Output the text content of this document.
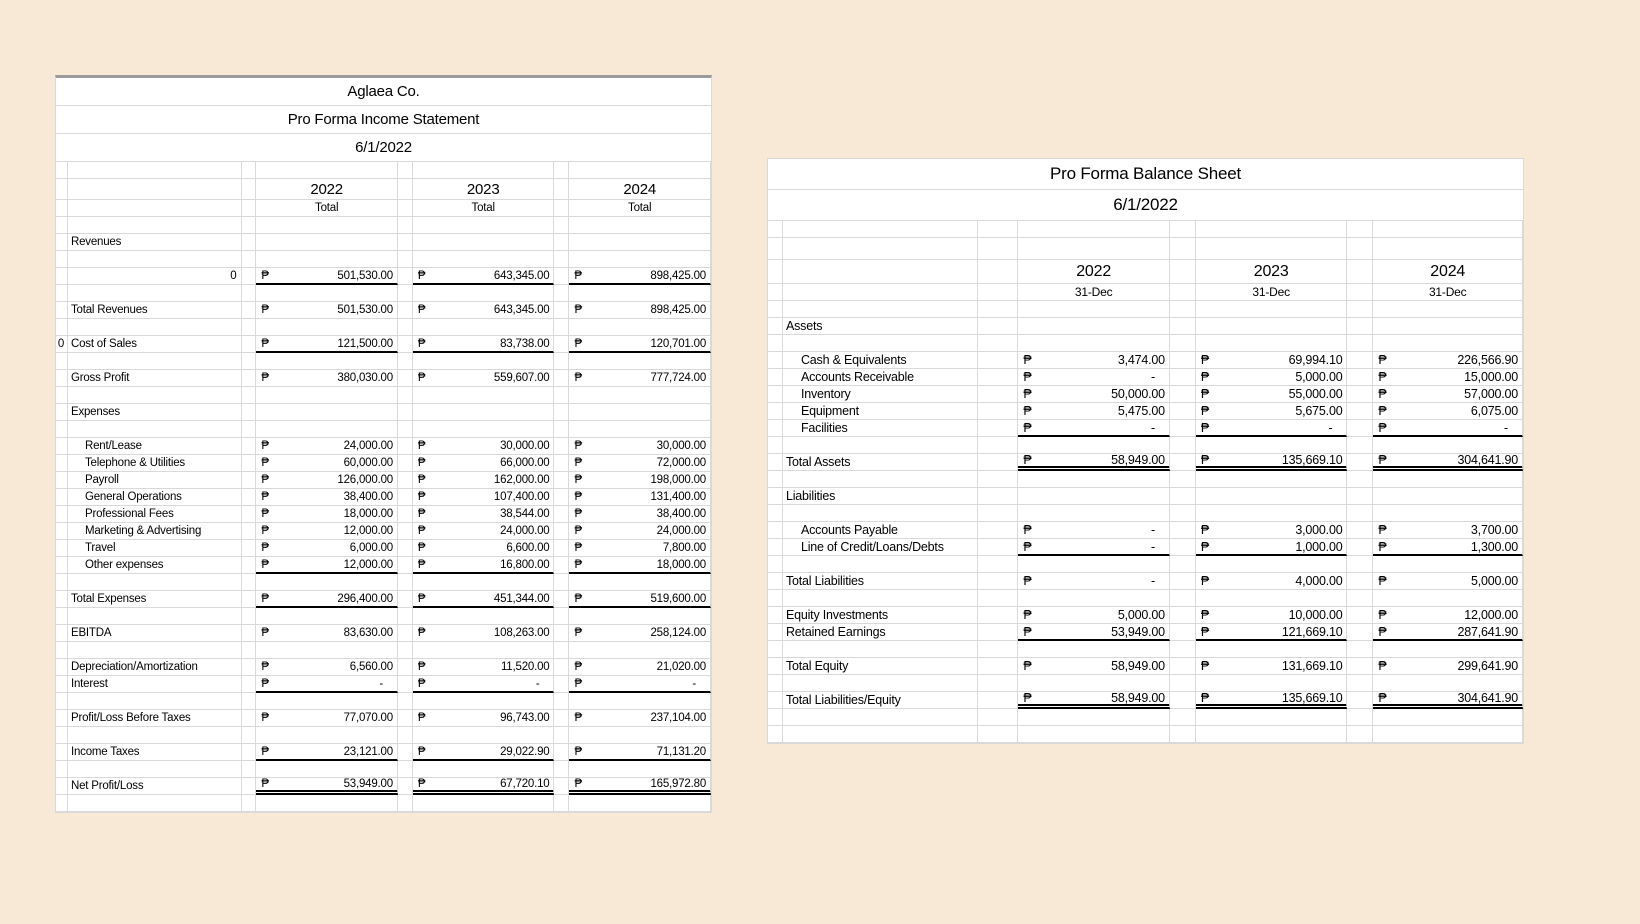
Aglaea Co.
Pro Forma Income Statement
6/1/2022
2022	2023	2024
Total	Total	Total
Revenues
0	₱	501,530.00 ₱	643,345.00 ₱	898,425.00
Total Revenues	₱	501,530.00 ₱	643,345.00 ₱	898,425.00
0 Cost of Sales	₱	121,500.00 ₱	83,738.00 ₱	120,701.00
Gross Profit	₱	380,030.00 ₱	559,607.00 ₱	777,724.00
Expenses
Rent/Lease	₱	24,000.00 ₱	30,000.00 ₱	30,000.00
Telephone & Utilities	₱	60,000.00 ₱	66,000.00 ₱	72,000.00
Payroll	₱	126,000.00 ₱	162,000.00 ₱	198,000.00
General Operations	₱	38,400.00 ₱	107,400.00 ₱	131,400.00
Professional Fees	₱	18,000.00 ₱	38,544.00 ₱	38,400.00
Marketing & Advertising	₱	12,000.00 ₱	24,000.00 ₱	24,000.00
Travel	₱	6,000.00 ₱	6,600.00 ₱	7,800.00
Other expenses	₱	12,000.00 ₱	16,800.00 ₱	18,000.00
Total Expenses	₱	296,400.00 ₱	451,344.00 ₱	519,600.00
EBITDA	₱	83,630.00 ₱	108,263.00 ₱	258,124.00
Depreciation/Amortization	₱	6,560.00 ₱	11,520.00 ₱	21,020.00
Interest	₱	-	₱	-	₱	-
Profit/Loss Before Taxes	₱	77,070.00 ₱	96,743.00 ₱	237,104.00
Income Taxes	₱	23,121.00 ₱	29,022.90 ₱	71,131.20
Net Profit/Loss	₱	53,949.00 ₱	67,720.10 ₱	165,972.80
Pro Forma Balance Sheet
6/1/2022
2022	2023	2024
31-Dec	31-Dec	31-Dec
Assets
Cash & Equivalents	₱	3,474.00	₱	69,994.10	₱	226,566.90
Accounts Receivable	₱	-	₱	5,000.00	₱	15,000.00
Inventory	₱	50,000.00	₱	55,000.00	₱	57,000.00
Equipment	₱	5,475.00	₱	5,675.00	₱	6,075.00
Facilities	₱	-	₱	-	₱	-
Total Assets	₱	58,949.00	₱	135,669.10	₱	304,641.90
Liabilities
Accounts Payable	₱	-	₱	3,000.00	₱	3,700.00
Line of Credit/Loans/Debts	₱	-	₱	1,000.00	₱	1,300.00
Total Liabilities	₱	-	₱	4,000.00	₱	5,000.00
Equity Investments	₱	5,000.00	₱	10,000.00	₱	12,000.00
Retained Earnings	₱	53,949.00	₱	121,669.10	₱	287,641.90
Total Equity	₱	58,949.00	₱	131,669.10	₱	299,641.90
Total Liabilities/Equity	₱	58,949.00	₱	135,669.10	₱	304,641.90
